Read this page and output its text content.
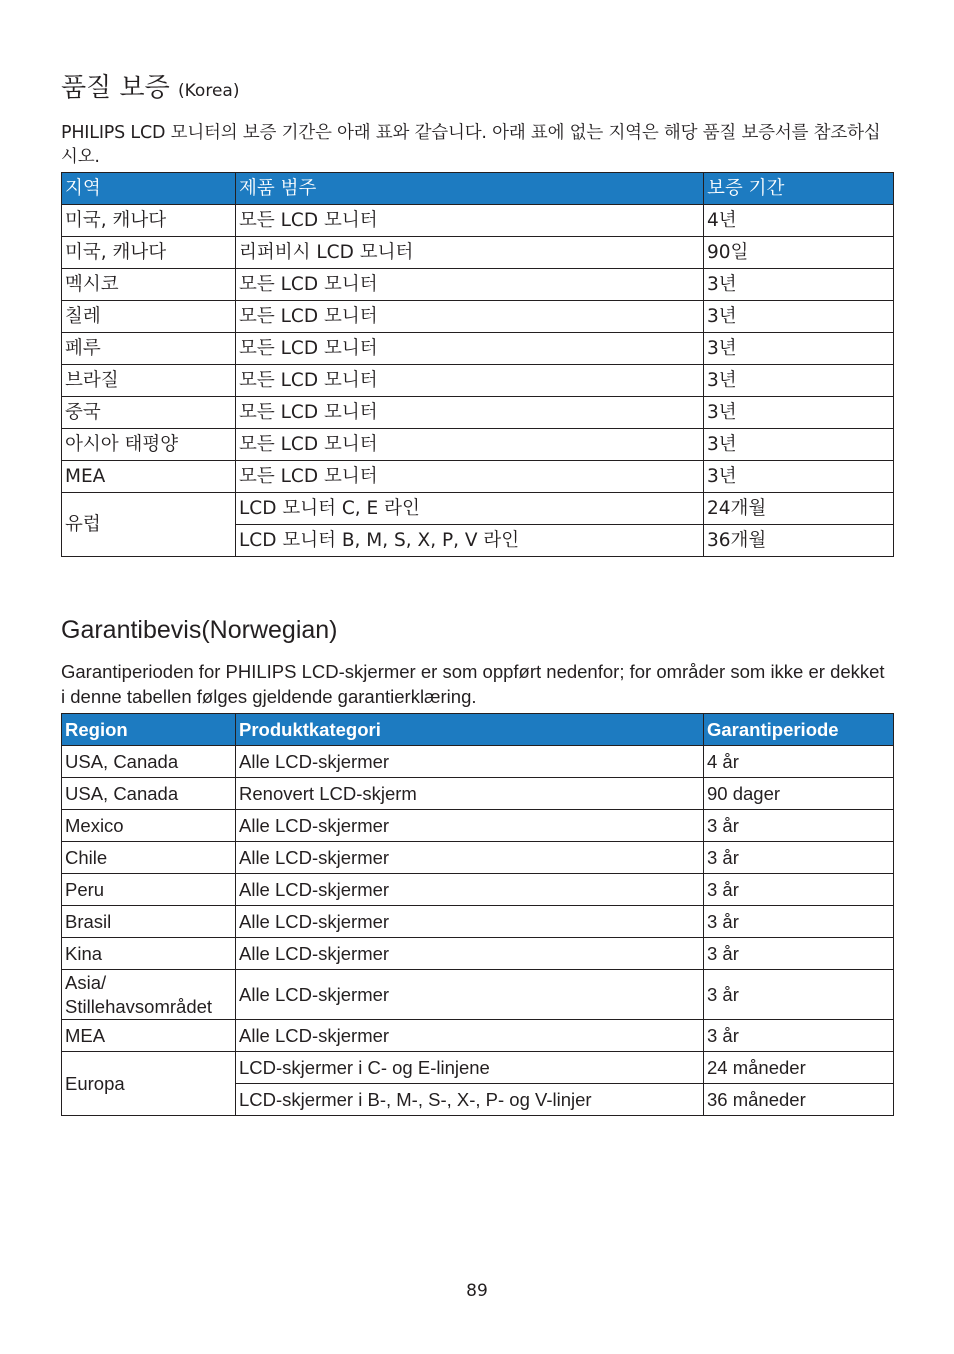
품질 보증 (Korea)

PHILIPS LCD 모니터의 보증 기간은 아래 표와 같습니다. 아래 표에 없는 지역은 해당 품질 보증서를 참조하십시오.

지역	제품 범주	보증 기간
미국, 캐나다	모든 LCD 모니터	4년
미국, 캐나다	리퍼비시 LCD 모니터	90일
멕시코	모든 LCD 모니터	3년
칠레	모든 LCD 모니터	3년
페루	모든 LCD 모니터	3년
브라질	모든 LCD 모니터	3년
중국	모든 LCD 모니터	3년
아시아 태평양	모든 LCD 모니터	3년
MEA	모든 LCD 모니터	3년
유럽	LCD 모니터 C, E 라인	24개월
	LCD 모니터 B, M, S, X, P, V 라인	36개월
Garantibevis(Norwegian)

Garantiperioden for PHILIPS LCD-skjermer er som oppført nedenfor; for områder som ikke er dekket i denne tabellen følges gjeldende garantierklæring.

Region	Produktkategori	Garantiperiode
USA, Canada	Alle LCD-skjermer	4 år
USA, Canada	Renovert LCD-skjerm	90 dager
Mexico	Alle LCD-skjermer	3 år
Chile	Alle LCD-skjermer	3 år
Peru	Alle LCD-skjermer	3 år
Brasil	Alle LCD-skjermer	3 år
Kina	Alle LCD-skjermer	3 år
Asia/ Stillehavsområdet	Alle LCD-skjermer	3 år
MEA	Alle LCD-skjermer	3 år
Europa	LCD-skjermer i C- og E-linjene	24 måneder
	LCD-skjermer i B-, M-, S-, X-, P- og V-linjer	36 måneder
89
